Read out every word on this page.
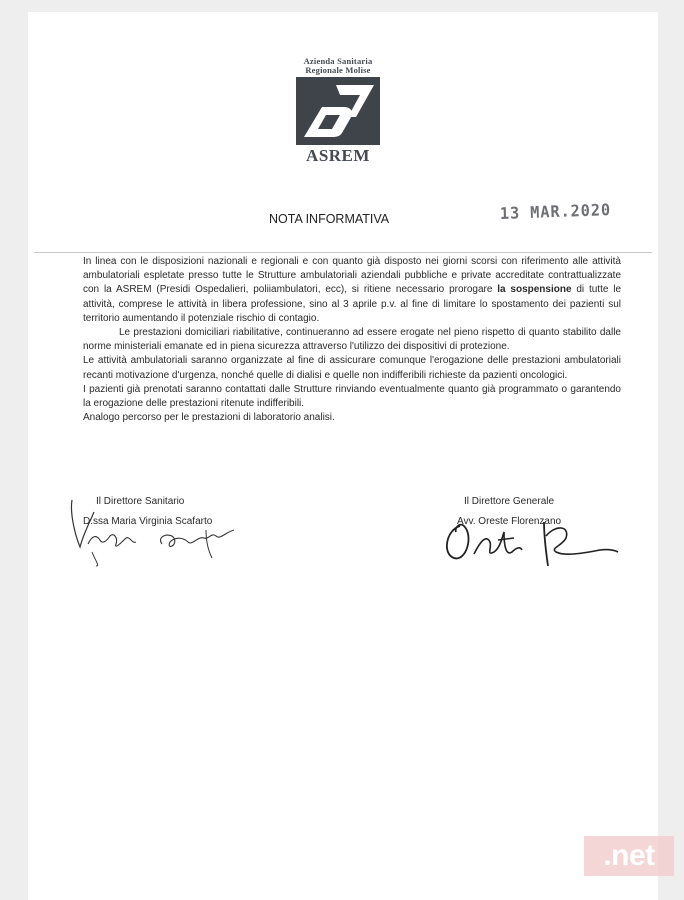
Azienda Sanitaria
Regionale Molise
ASREM
NOTA INFORMATIVA	13 MAR.2020

In linea con le disposizioni nazionali e regionali e con quanto già disposto nei giorni scorsi con riferimento alle attività ambulatoriali espletate presso tutte le Strutture ambulatoriali aziendali pubbliche e private accreditate contrattualizzate con la ASREM (Presidi Ospedalieri, poliiambulatori, ecc), si ritiene necessario prorogare la sospensione di tutte le attività, comprese le attività in libera professione, sino al 3 aprile p.v. al fine di limitare lo spostamento dei pazienti sul territorio aumentando il potenziale rischio di contagio.

Le prestazioni domiciliari riabilitative, continueranno ad essere erogate nel pieno rispetto di quanto stabilito dalle norme ministeriali emanate ed in piena sicurezza attraverso l'utilizzo dei dispositivi di protezione.

Le attività ambulatoriali saranno organizzate al fine di assicurare comunque l'erogazione delle prestazioni ambulatoriali recanti motivazione d'urgenza, nonché quelle di dialisi e quelle non indifferibili richieste da pazienti oncologici.

I pazienti già prenotati saranno contattati dalle Strutture rinviando eventualmente quanto già programmato o garantendo la erogazione delle prestazioni ritenute indifferibili.

Analogo percorso per le prestazioni di laboratorio analisi.

Il Direttore Sanitario
D.ssa Maria Virginia Scafarto
Il Direttore Generale
Avv. Oreste Florenzano
.net
